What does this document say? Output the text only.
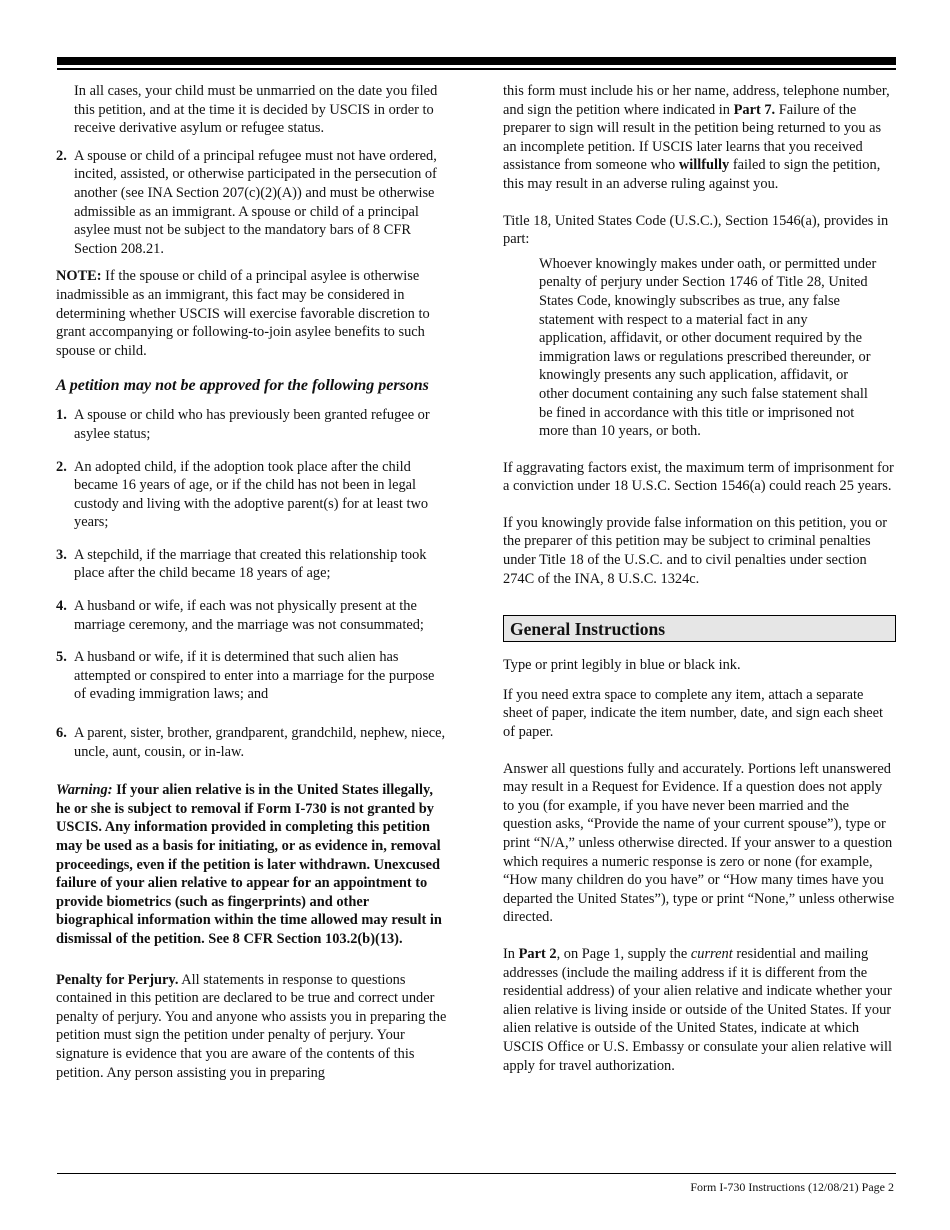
In all cases, your child must be unmarried on the date you filed this petition, and at the time it is decided by USCIS in order to receive derivative asylum or refugee status.

2. A spouse or child of a principal refugee must not have ordered, incited, assisted, or otherwise participated in the persecution of another (see INA Section 207(c)(2)(A)) and must be otherwise admissible as an immigrant. A spouse or child of a principal asylee must not be subject to the mandatory bars of 8 CFR Section 208.21.

NOTE: If the spouse or child of a principal asylee is otherwise inadmissible as an immigrant, this fact may be considered in determining whether USCIS will exercise favorable discretion to grant accompanying or following-to-join asylee benefits to such spouse or child.

A petition may not be approved for the following persons

1. A spouse or child who has previously been granted refugee or asylee status;
2. An adopted child, if the adoption took place after the child became 16 years of age, or if the child has not been in legal custody and living with the adoptive parent(s) for at least two years;
3. A stepchild, if the marriage that created this relationship took place after the child became 18 years of age;
4. A husband or wife, if each was not physically present at the marriage ceremony, and the marriage was not consummated;
5. A husband or wife, if it is determined that such alien has attempted or conspired to enter into a marriage for the purpose of evading immigration laws; and
6. A parent, sister, brother, grandparent, grandchild, nephew, niece, uncle, aunt, cousin, or in-law.

Warning: If your alien relative is in the United States illegally, he or she is subject to removal if Form I-730 is not granted by USCIS. Any information provided in completing this petition may be used as a basis for initiating, or as evidence in, removal proceedings, even if the petition is later withdrawn. Unexcused failure of your alien relative to appear for an appointment to provide biometrics (such as fingerprints) and other biographical information within the time allowed may result in dismissal of the petition. See 8 CFR Section 103.2(b)(13).

Penalty for Perjury. All statements in response to questions contained in this petition are declared to be true and correct under penalty of perjury. You and anyone who assists you in preparing the petition must sign the petition under penalty of perjury. Your signature is evidence that you are aware of the contents of this petition. Any person assisting you in preparing

this form must include his or her name, address, telephone number, and sign the petition where indicated in Part 7. Failure of the preparer to sign will result in the petition being returned to you as an incomplete petition. If USCIS later learns that you received assistance from someone who willfully failed to sign the petition, this may result in an adverse ruling against you.

Title 18, United States Code (U.S.C.), Section 1546(a), provides in part:

Whoever knowingly makes under oath, or permitted under penalty of perjury under Section 1746 of Title 28, United States Code, knowingly subscribes as true, any false statement with respect to a material fact in any application, affidavit, or other document required by the immigration laws or regulations prescribed thereunder, or knowingly presents any such application, affidavit, or other document containing any such false statement shall be fined in accordance with this title or imprisoned not more than 10 years, or both.

If aggravating factors exist, the maximum term of imprisonment for a conviction under 18 U.S.C. Section 1546(a) could reach 25 years.

If you knowingly provide false information on this petition, you or the preparer of this petition may be subject to criminal penalties under Title 18 of the U.S.C. and to civil penalties under section 274C of the INA, 8 U.S.C. 1324c.

General Instructions

Type or print legibly in blue or black ink.

If you need extra space to complete any item, attach a separate sheet of paper, indicate the item number, date, and sign each sheet of paper.

Answer all questions fully and accurately. Portions left unanswered may result in a Request for Evidence. If a question does not apply to you (for example, if you have never been married and the question asks, “Provide the name of your current spouse”), type or print “N/A,” unless otherwise directed. If your answer to a question which requires a numeric response is zero or none (for example, “How many children do you have” or “How many times have you departed the United States”), type or print “None,” unless otherwise directed.

In Part 2, on Page 1, supply the current residential and mailing addresses (include the mailing address if it is different from the residential address) of your alien relative and indicate whether your alien relative is living inside or outside of the United States. If your alien relative is outside of the United States, indicate at which USCIS Office or U.S. Embassy or consulate your alien relative will apply for travel authorization.

Form I-730 Instructions (12/08/21) Page 2
